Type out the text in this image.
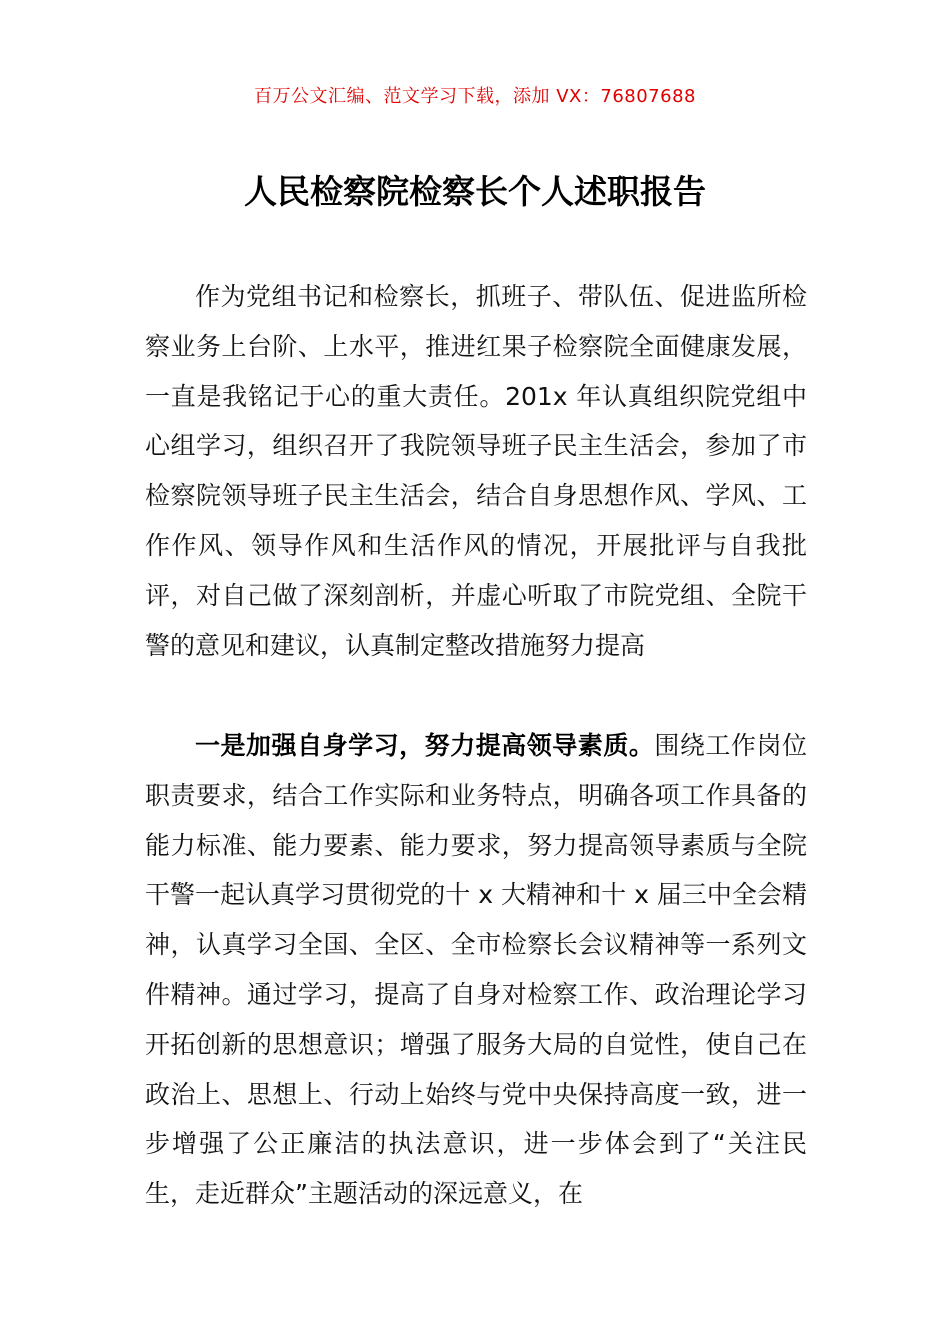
百万公文汇编、范文学习下载，添加 VX：76807688
人民检察院检察长个人述职报告

作为党组书记和检察长，抓班子、带队伍、促进监所检察业务上台阶、上水平，推进红果子检察院全面健康发展，一直是我铭记于心的重大责任。201x 年认真组织院党组中心组学习，组织召开了我院领导班子民主生活会，参加了市检察院领导班子民主生活会，结合自身思想作风、学风、工作作风、领导作风和生活作风的情况，开展批评与自我批评，对自己做了深刻剖析，并虚心听取了市院党组、全院干警的意见和建议，认真制定整改措施努力提高

一是加强自身学习，努力提高领导素质。围绕工作岗位职责要求，结合工作实际和业务特点，明确各项工作具备的能力标准、能力要素、能力要求，努力提高领导素质与全院干警一起认真学习贯彻党的十 x 大精神和十 x 届三中全会精神，认真学习全国、全区、全市检察长会议精神等一系列文件精神。通过学习，提高了自身对检察工作、政治理论学习开拓创新的思想意识；增强了服务大局的自觉性，使自己在政治上、思想上、行动上始终与党中央保持高度一致，进一步增强了公正廉洁的执法意识，进一步体会到了“关注民生，走近群众”主题活动的深远意义，在
